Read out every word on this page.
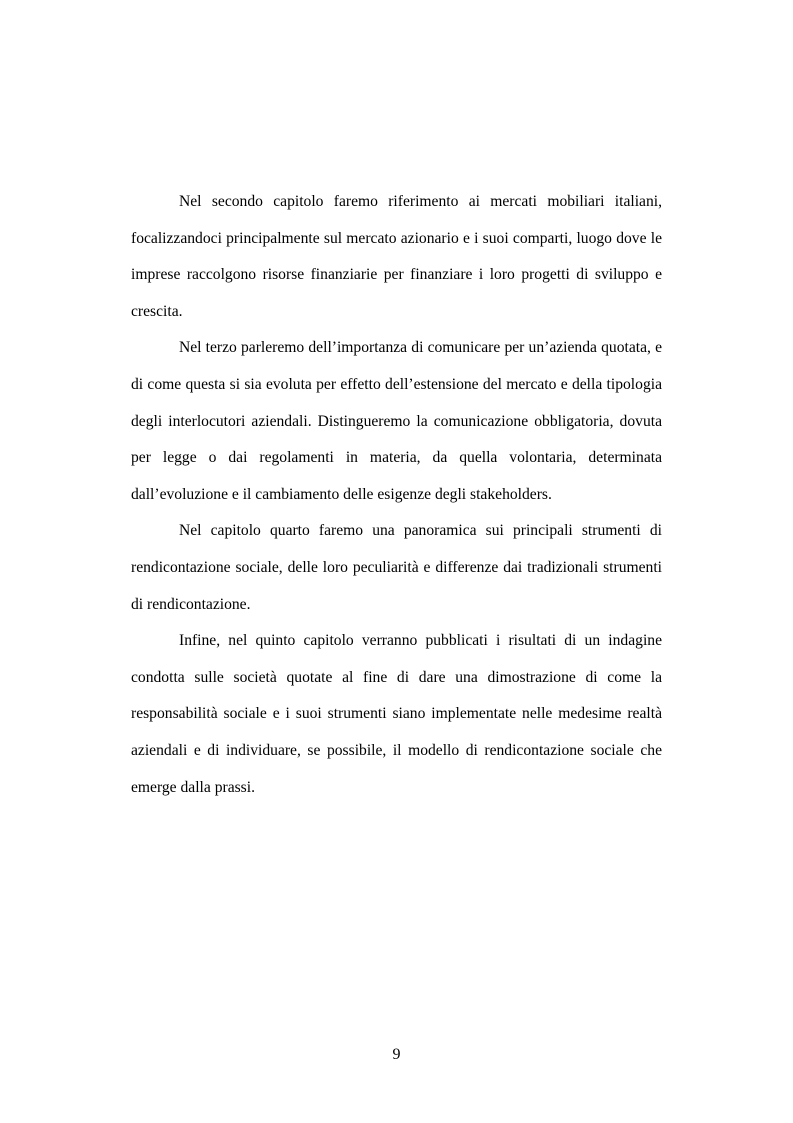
Nel secondo capitolo faremo riferimento ai mercati mobiliari italiani, focalizzandoci principalmente sul mercato azionario e i suoi comparti, luogo dove le imprese raccolgono risorse finanziarie per finanziare i loro progetti di sviluppo e crescita.

Nel terzo parleremo dell’importanza di comunicare per un’azienda quotata, e di come questa si sia evoluta per effetto dell’estensione del mercato e della tipologia degli interlocutori aziendali. Distingueremo la comunicazione obbligatoria, dovuta per legge o dai regolamenti in materia, da quella volontaria, determinata dall’evoluzione e il cambiamento delle esigenze degli stakeholders.

Nel capitolo quarto faremo una panoramica sui principali strumenti di rendicontazione sociale, delle loro peculiarità e differenze dai tradizionali strumenti di rendicontazione.

Infine, nel quinto capitolo verranno pubblicati i risultati di un indagine condotta sulle società quotate al fine di dare una dimostrazione di come la responsabilità sociale e i suoi strumenti siano implementate nelle medesime realtà aziendali e di individuare, se possibile, il modello di rendicontazione sociale che emerge dalla prassi.

9
